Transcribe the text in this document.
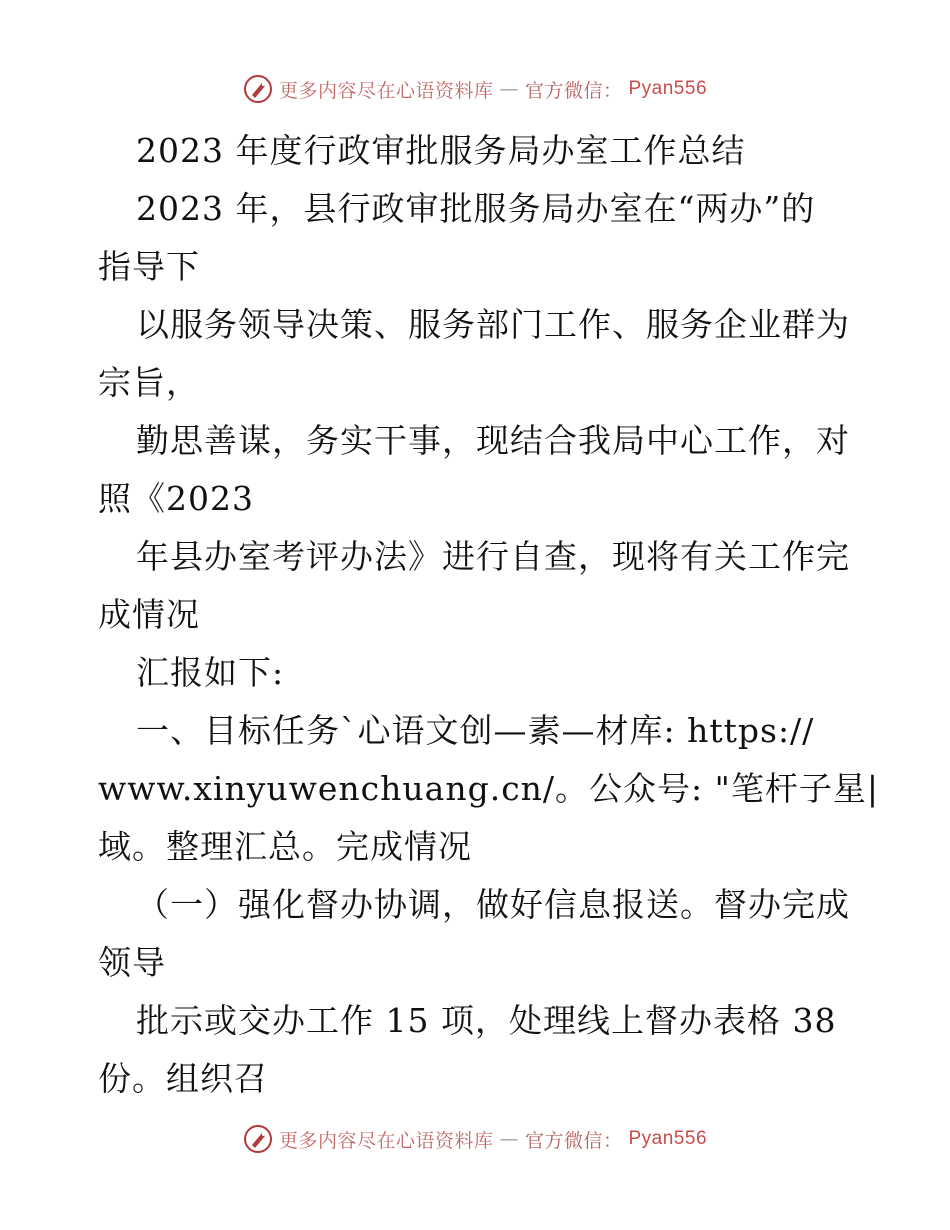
更多内容尽在心语资料库 — 官方微信： Pyan556
2023 年度行政审批服务局办室工作总结
2023 年，县行政审批服务局办室在“两办”的
指导下
以服务领导决策、服务部门工作、服务企业群为
宗旨，
勤思善谋，务实干事，现结合我局中心工作，对
照《2023
年县办室考评办法》进行自查，现将有关工作完
成情况
汇报如下:
一、目标任务ˋ心语文创—素—材库: https://
www.xinyuwenchuang.cn/。公众号: "笔杆子星|
域。整理汇总。完成情况
（一）强化督办协调，做好信息报送。督办完成
领导
批示或交办工作 15 项，处理线上督办表格 38
份。组织召
更多内容尽在心语资料库 — 官方微信： Pyan556
